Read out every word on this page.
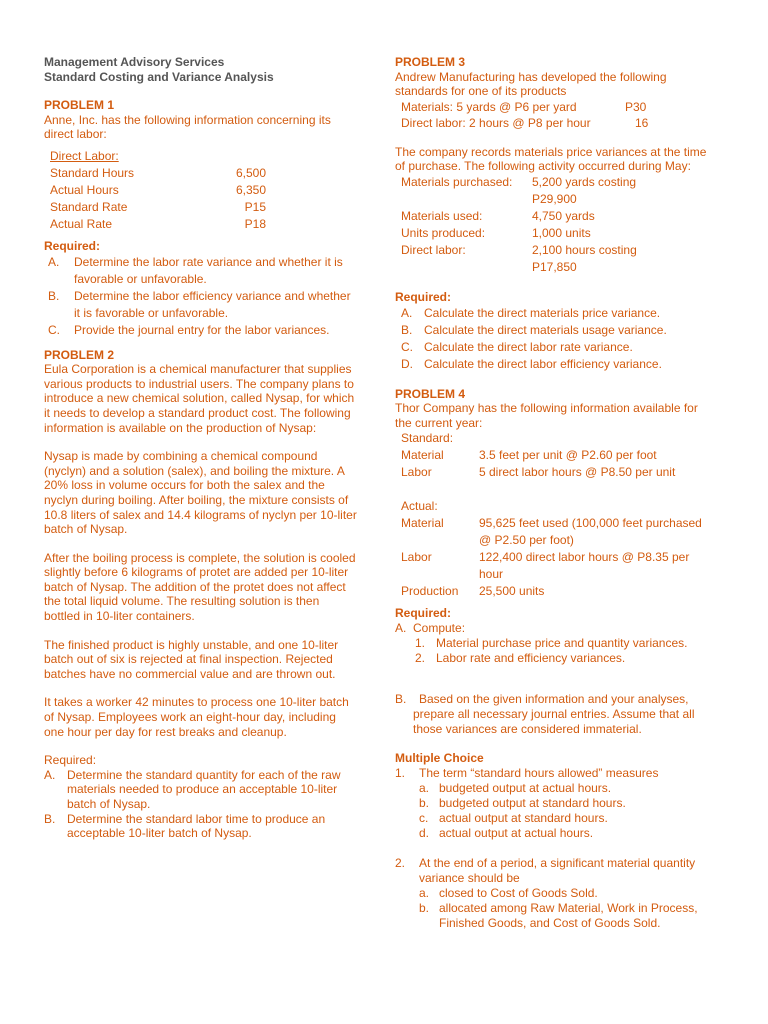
Management Advisory Services

Standard Costing and Variance Analysis

PROBLEM 1

Anne, Inc. has the following information concerning its

direct labor:

Direct Labor:
Standard Hours	6,500
Actual Hours	6,350
Standard Rate	P15
Actual Rate	P18

Required:

A.	Determine the labor rate variance and whether it is
favorable or unfavorable.
B.	Determine the labor efficiency variance and whether
it is favorable or unfavorable.
C.	Provide the journal entry for the labor variances.

PROBLEM 2

Eula Corporation is a chemical manufacturer that supplies

various products to industrial users. The company plans to

introduce a new chemical solution, called Nysap, for which

it needs to develop a standard product cost. The following

information is available on the production of Nysap:

Nysap is made by combining a chemical compound

(nyclyn) and a solution (salex), and boiling the mixture. A

20% loss in volume occurs for both the salex and the

nyclyn during boiling. After boiling, the mixture consists of

10.8 liters of salex and 14.4 kilograms of nyclyn per 10-liter

batch of Nysap.

After the boiling process is complete, the solution is cooled

slightly before 6 kilograms of protet are added per 10-liter

batch of Nysap. The addition of the protet does not affect

the total liquid volume. The resulting solution is then

bottled in 10-liter containers.

The finished product is highly unstable, and one 10-liter

batch out of six is rejected at final inspection. Rejected

batches have no commercial value and are thrown out.

It takes a worker 42 minutes to process one 10-liter batch

of Nysap. Employees work an eight-hour day, including

one hour per day for rest breaks and cleanup.

Required:

A. Determine the standard quantity for each of the raw
materials needed to produce an acceptable 10-liter
batch of Nysap.
B. Determine the standard labor time to produce an
acceptable 10-liter batch of Nysap.

PROBLEM 3

Andrew Manufacturing has developed the following

standards for one of its products

Materials: 5 yards @ P6 per yard	P30
Direct labor: 2 hours @ P8 per hour	16

The company records materials price variances at the time

of purchase. The following activity occurred during May:

Materials purchased:	5,200 yards costing
P29,900
Materials used:	4,750 yards
Units produced:	1,000 units
Direct labor:	2,100 hours costing
P17,850

Required:

A. Calculate the direct materials price variance.
B. Calculate the direct materials usage variance.
C. Calculate the direct labor rate variance.
D. Calculate the direct labor efficiency variance.

PROBLEM 4

Thor Company has the following information available for

the current year:

Standard:
Material	3.5 feet per unit @ P2.60 per foot
Labor	5 direct labor hours @ P8.50 per unit
Actual:
Material	95,625 feet used (100,000 feet purchased
@ P2.50 per foot)
Labor	122,400 direct labor hours @ P8.35 per
hour
Production	25,500 units

Required:

A. Compute:
1. Material purchase price and quantity variances.
2. Labor rate and efficiency variances.
B.	Based on the given information and your analyses,
prepare all necessary journal entries. Assume that all
those variances are considered immaterial.

Multiple Choice

1.	The term “standard hours allowed” measures
a. budgeted output at actual hours.
b. budgeted output at standard hours.
c. actual output at standard hours.
d. actual output at actual hours.
2.	At the end of a period, a significant material quantity
variance should be
a. closed to Cost of Goods Sold.
b. allocated among Raw Material, Work in Process,
Finished Goods, and Cost of Goods Sold.
